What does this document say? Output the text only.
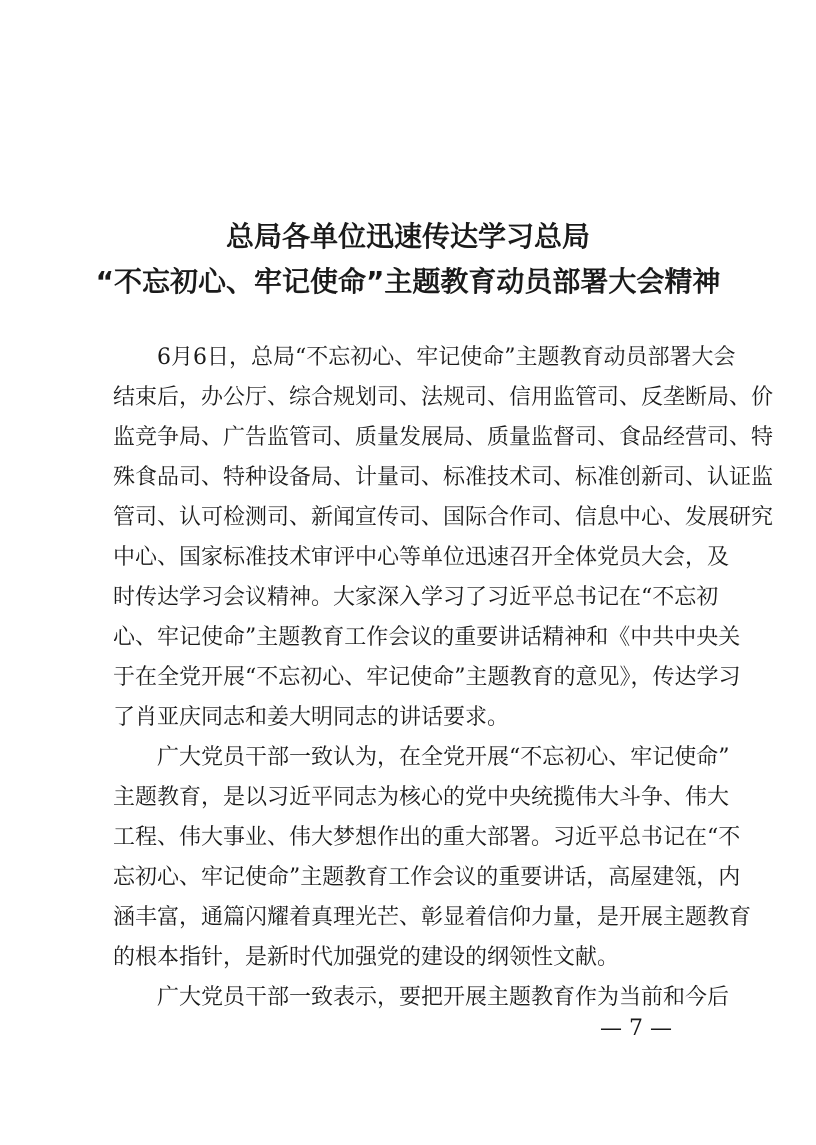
总局各单位迅速传达学习总局
“不忘初心、牢记使命”主题教育动员部署大会精神

　　6月6日，总局“不忘初心、牢记使命”主题教育动员部署大会

结束后，办公厅、综合规划司、法规司、信用监管司、反垄断局、价

监竞争局、广告监管司、质量发展局、质量监督司、食品经营司、特

殊食品司、特种设备局、计量司、标准技术司、标准创新司、认证监

管司、认可检测司、新闻宣传司、国际合作司、信息中心、发展研究

中心、国家标准技术审评中心等单位迅速召开全体党员大会，及

时传达学习会议精神。大家深入学习了习近平总书记在“不忘初

心、牢记使命”主题教育工作会议的重要讲话精神和《中共中央关

于在全党开展“不忘初心、牢记使命”主题教育的意见》，传达学习

了肖亚庆同志和姜大明同志的讲话要求。

　　广大党员干部一致认为，在全党开展“不忘初心、牢记使命”

主题教育，是以习近平同志为核心的党中央统揽伟大斗争、伟大

工程、伟大事业、伟大梦想作出的重大部署。习近平总书记在“不

忘初心、牢记使命”主题教育工作会议的重要讲话，高屋建瓴，内

涵丰富，通篇闪耀着真理光芒、彰显着信仰力量，是开展主题教育

的根本指针，是新时代加强党的建设的纲领性文献。

　　广大党员干部一致表示，要把开展主题教育作为当前和今后

— 7 —
